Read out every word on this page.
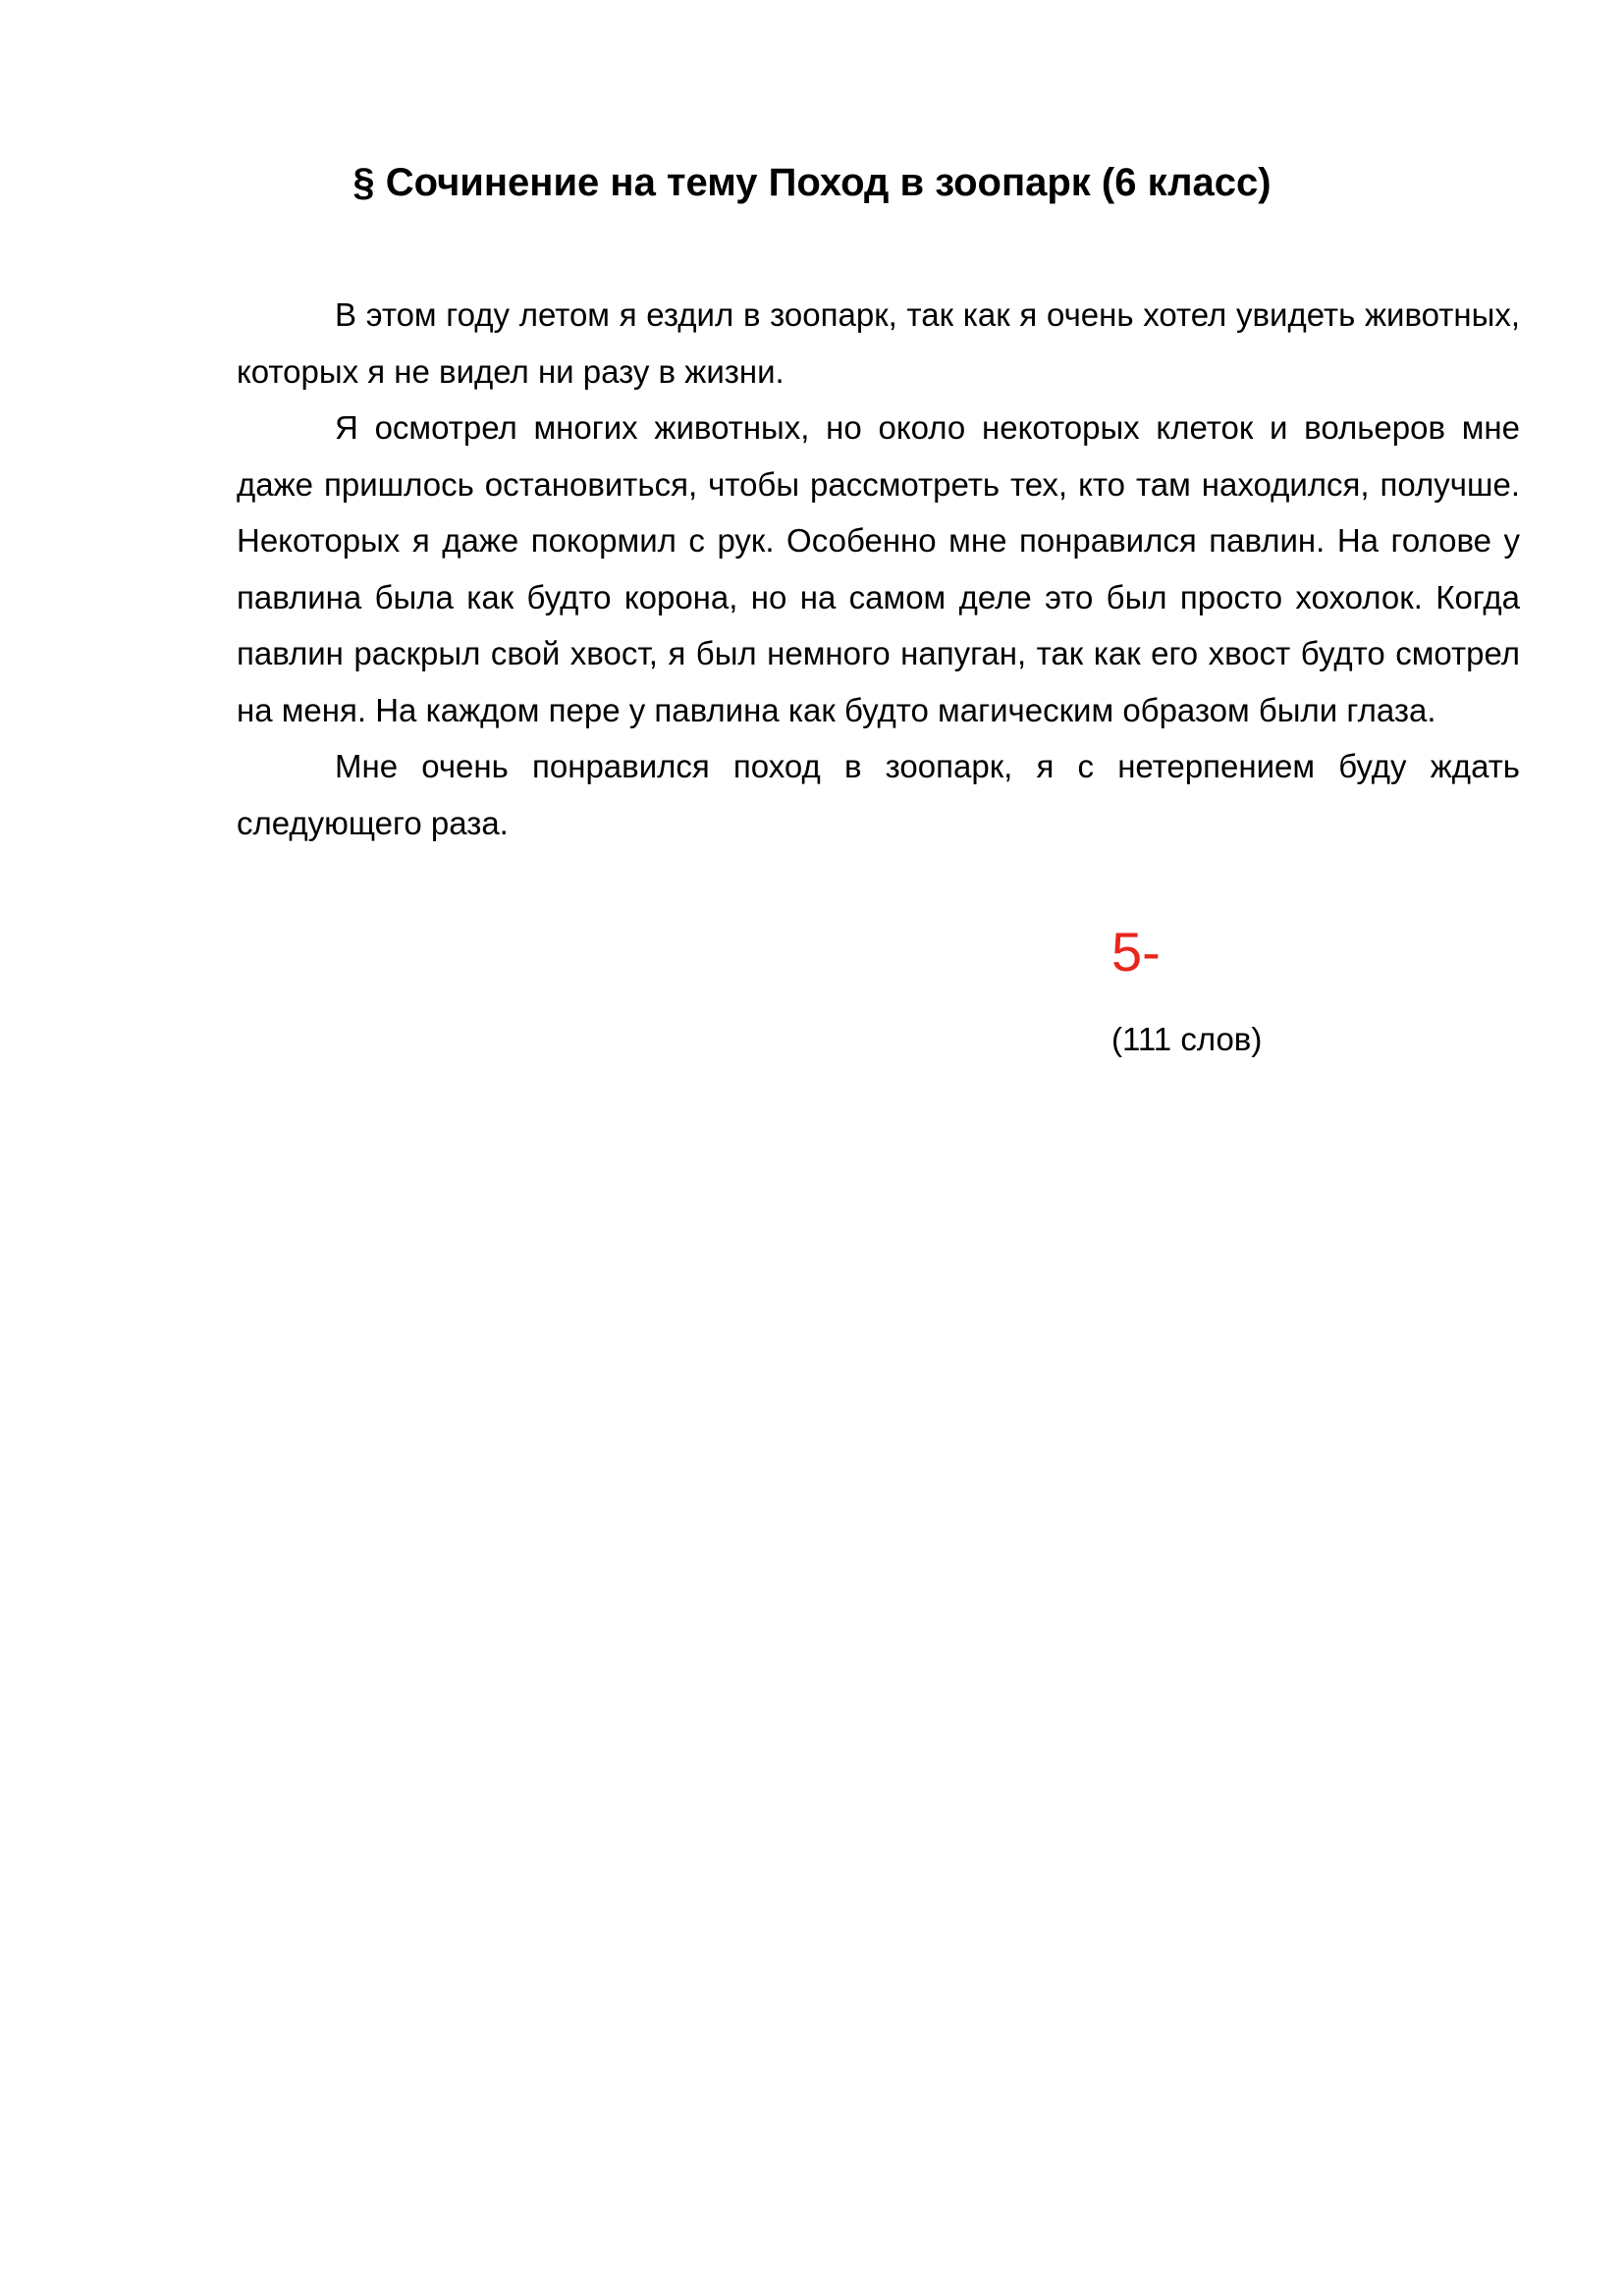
§ Сочинение на тему Поход в зоопарк (6 класс)

В этом году летом я ездил в зоопарк, так как я очень хотел увидеть животных, которых я не видел ни разу в жизни.

Я осмотрел многих животных, но около некоторых клеток и вольеров мне даже пришлось остановиться, чтобы рассмотреть тех, кто там находился, получше. Некоторых я даже покормил с рук. Особенно мне понравился павлин. На голове у павлина была как будто корона, но на самом деле это был просто хохолок. Когда павлин раскрыл свой хвост, я был немного напуган, так как его хвост будто смотрел на меня. На каждом пере у павлина как будто магическим образом были глаза.

Мне очень понравился поход в зоопарк, я с нетерпением буду ждать следующего раза.

5-
(111 слов)
